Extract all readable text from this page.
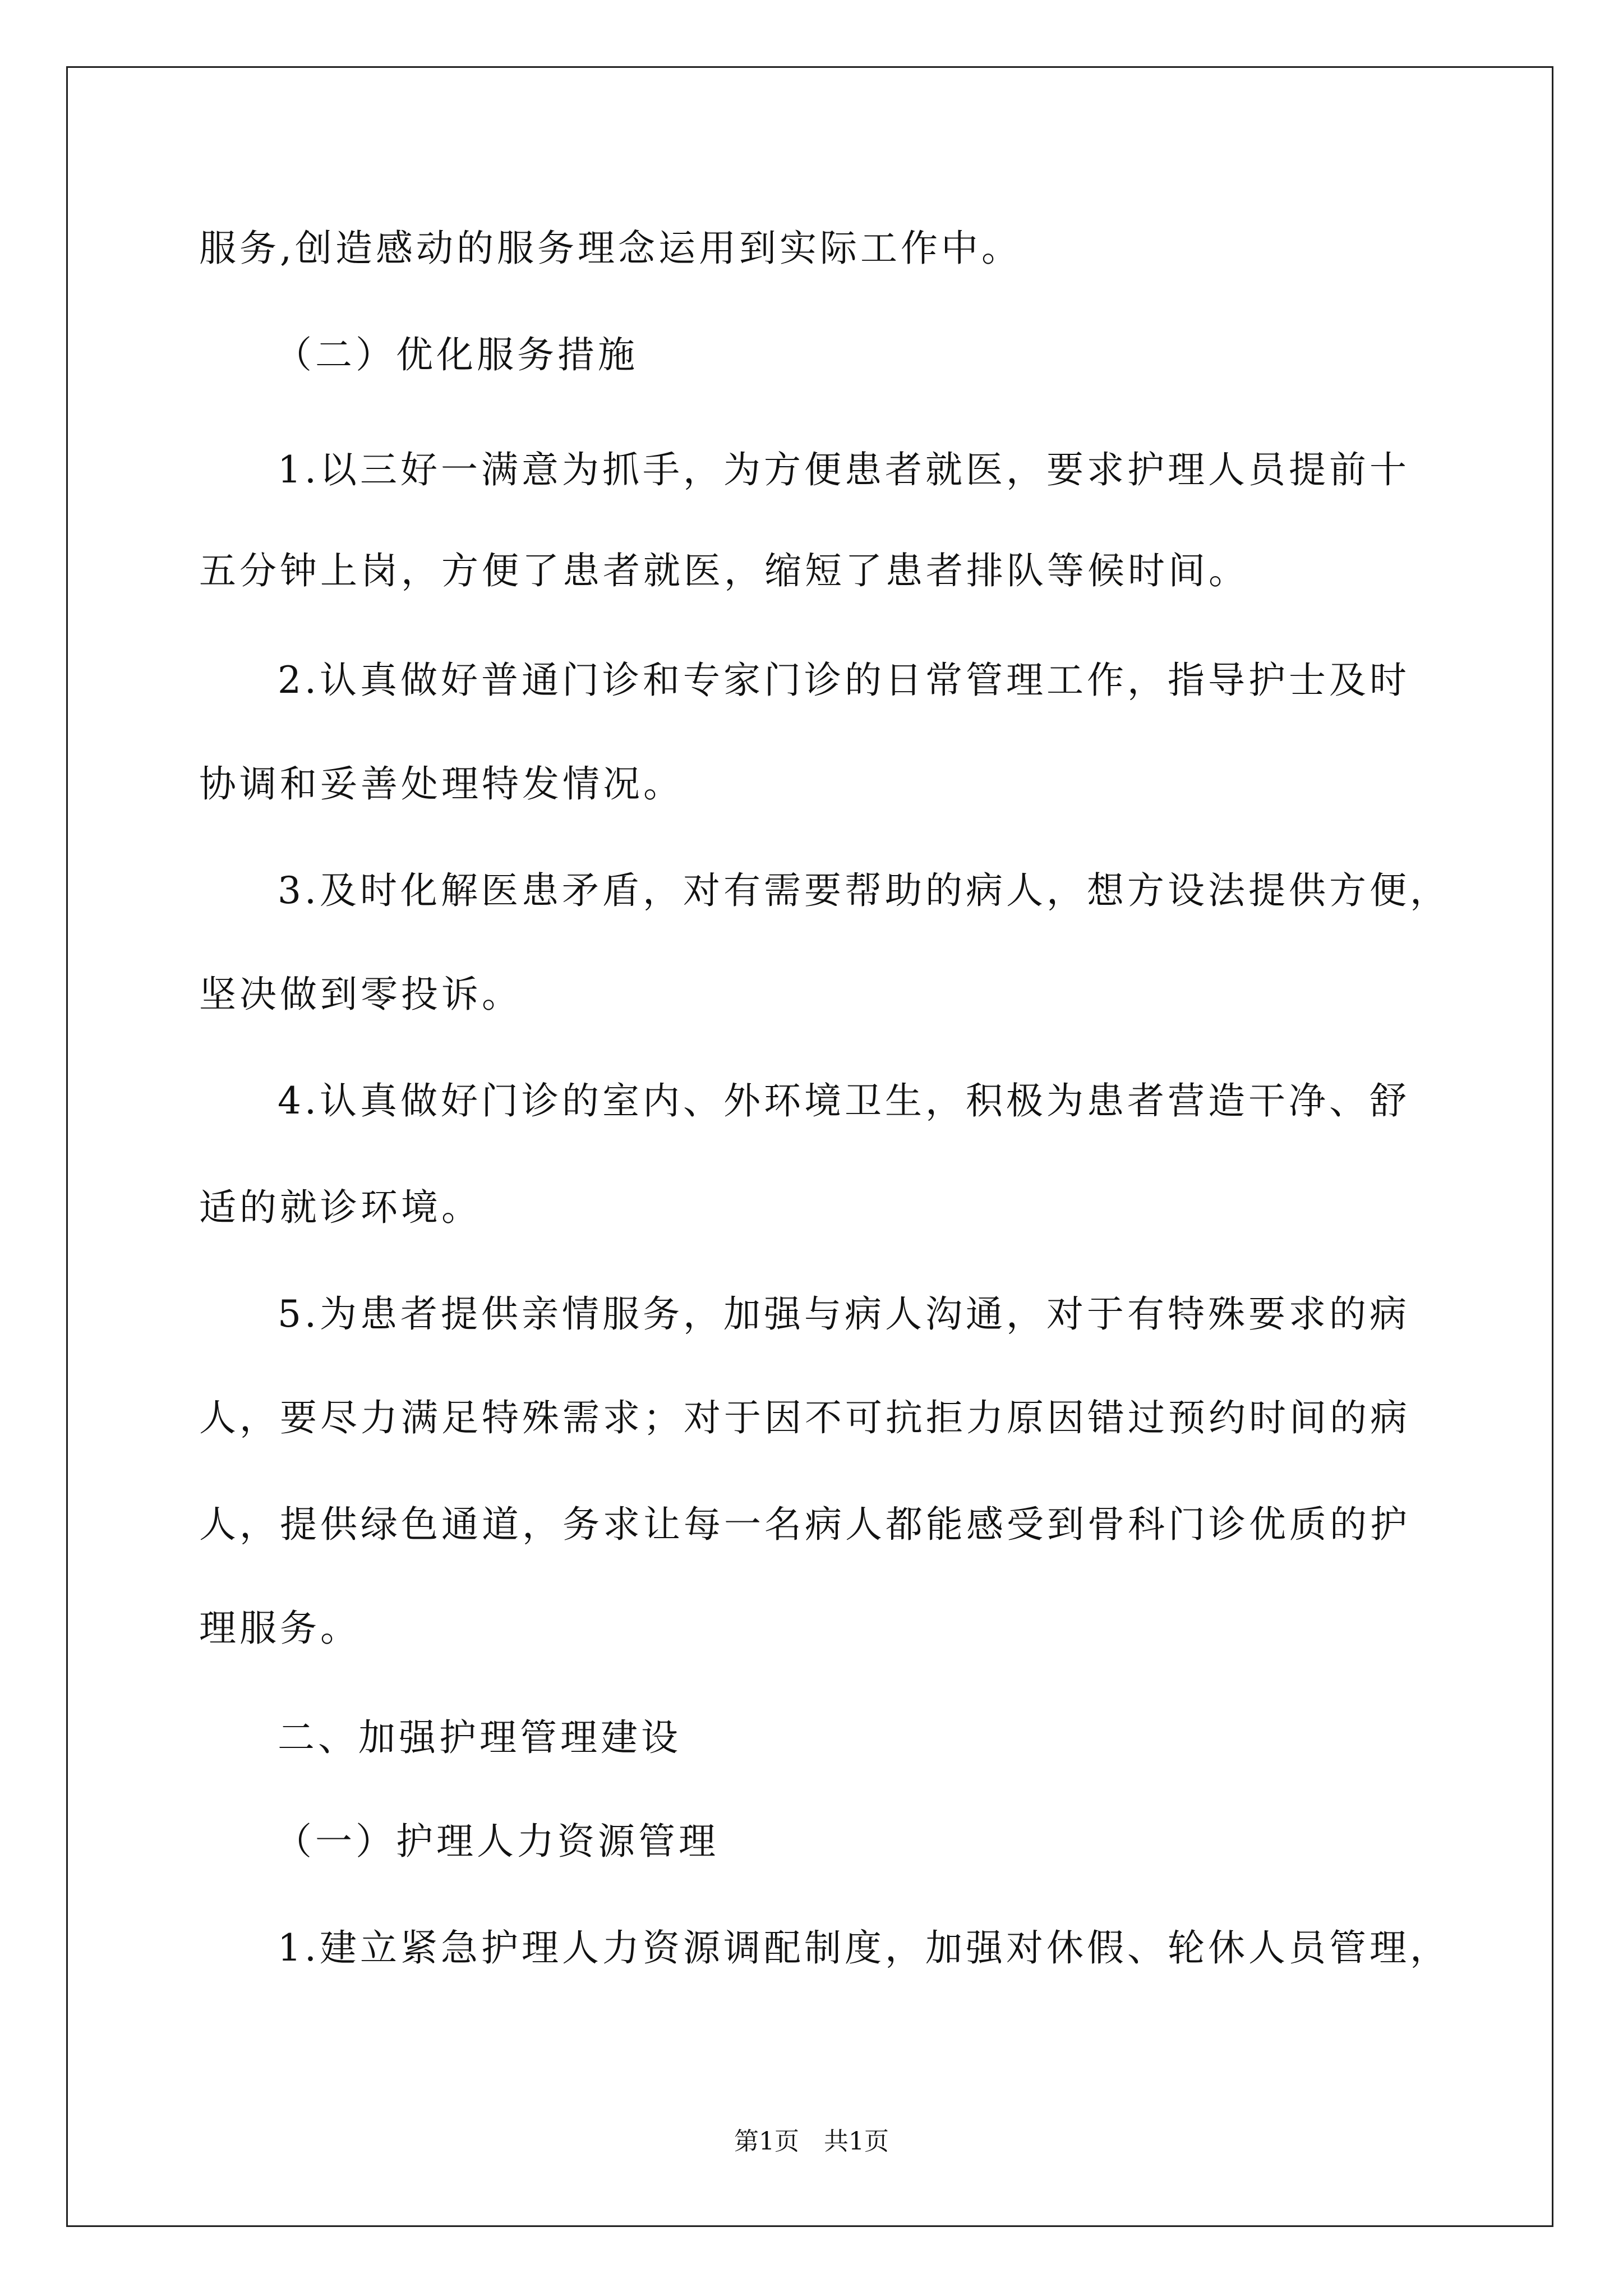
服务,创造感动的服务理念运用到实际工作中。
（二）优化服务措施
1.以三好一满意为抓手，为方便患者就医，要求护理人员提前十
五分钟上岗，方便了患者就医，缩短了患者排队等候时间。
2.认真做好普通门诊和专家门诊的日常管理工作，指导护士及时
协调和妥善处理特发情况。
3.及时化解医患矛盾，对有需要帮助的病人，想方设法提供方便，
坚决做到零投诉。
4.认真做好门诊的室内、外环境卫生，积极为患者营造干净、舒
适的就诊环境。
5.为患者提供亲情服务，加强与病人沟通，对于有特殊要求的病
人，要尽力满足特殊需求；对于因不可抗拒力原因错过预约时间的病
人，提供绿色通道，务求让每一名病人都能感受到骨科门诊优质的护
理服务。
二、加强护理管理建设
（一）护理人力资源管理
1.建立紧急护理人力资源调配制度，加强对休假、轮休人员管理，
第1页　共1页
